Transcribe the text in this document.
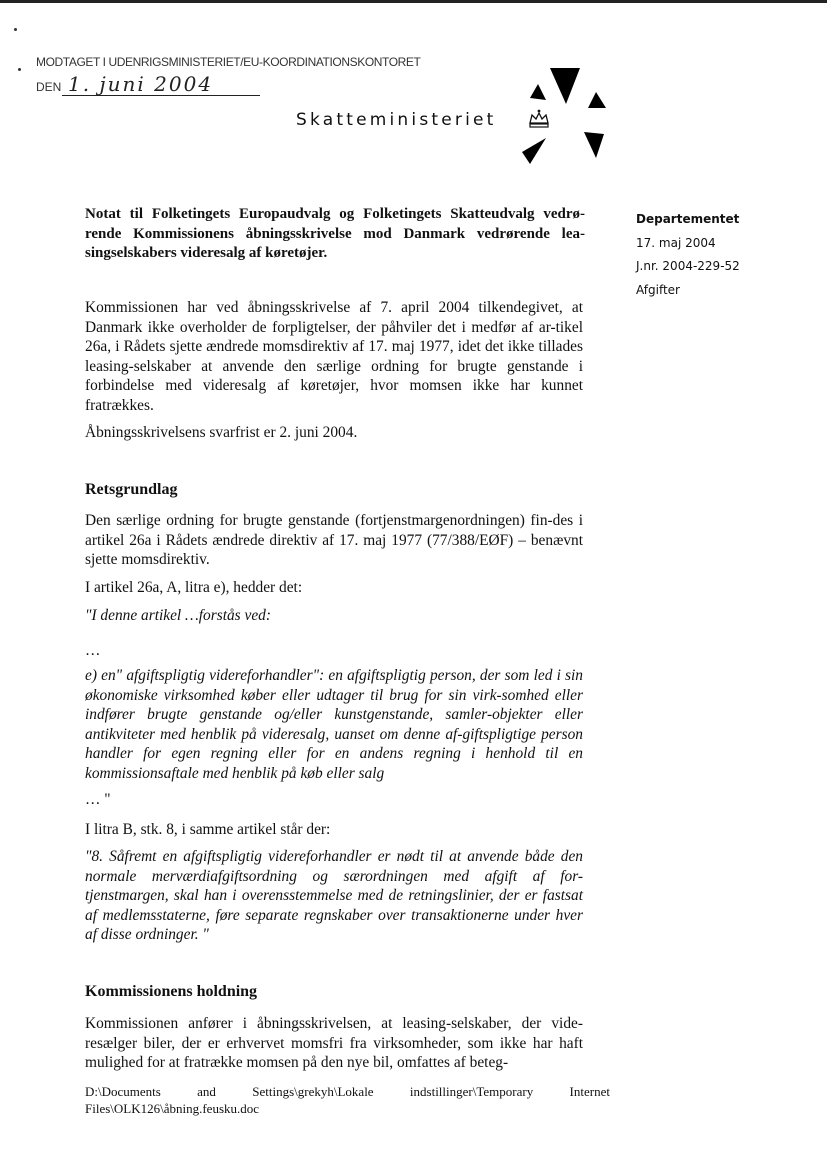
MODTAGET I UDENRIGSMINISTERIET/EU-KOORDINATIONSKONTORET
DEN 1. juni 2004
Skatteministeriet
Departementet
17. maj 2004
J.nr. 2004-229-52
Afgifter
Notat til Folketingets Europaudvalg og Folketingets Skatteudvalg vedrø-rende Kommissionens åbningsskrivelse mod Danmark vedrørende lea-singselskabers videresalg af køretøjer.

Kommissionen har ved åbningsskrivelse af 7. april 2004 tilkendegivet, at Danmark ikke overholder de forpligtelser, der påhviler det i medfør af ar-tikel 26a, i Rådets sjette ændrede momsdirektiv af 17. maj 1977, idet det ikke tillades leasing-selskaber at anvende den særlige ordning for brugte genstande i forbindelse med videresalg af køretøjer, hvor momsen ikke har kunnet fratrækkes.

Åbningsskrivelsens svarfrist er 2. juni 2004.

Retsgrundlag

Den særlige ordning for brugte genstande (fortjenstmargenordningen) fin-des i artikel 26a i Rådets ændrede direktiv af 17. maj 1977 (77/388/EØF) – benævnt sjette momsdirektiv.

I artikel 26a, A, litra e), hedder det:
"I denne artikel …forstås ved:
…
e) en" afgiftspligtig videreforhandler": en afgiftspligtig person, der som led i sin økonomiske virksomhed køber eller udtager til brug for sin virk-somhed eller indfører brugte genstande og/eller kunstgenstande, samler-objekter eller antikviteter med henblik på videresalg, uanset om denne af-giftspligtige person handler for egen regning eller for en andens regning i henhold til en kommissionsaftale med henblik på køb eller salg
… "
I litra B, stk. 8, i samme artikel står der:
"8. Såfremt en afgiftspligtig videreforhandler er nødt til at anvende både den normale merværdiafgiftsordning og særordningen med afgift af for-tjenstmargen, skal han i overensstemmelse med de retningslinier, der er fastsat af medlemsstaterne, føre separate regnskaber over transaktionerne under hver af disse ordninger. "
Kommissionens holdning

Kommissionen anfører i åbningsskrivelsen, at leasing-selskaber, der vide-resælger biler, der er erhvervet momsfri fra virksomheder, som ikke har haft mulighed for at fratrække momsen på den nye bil, omfattes af beteg-

D:\Documents	and	Settings\grekyh\Lokale	indstillinger\Temporary	Internet
Files\OLK126\åbning.feusku.doc
